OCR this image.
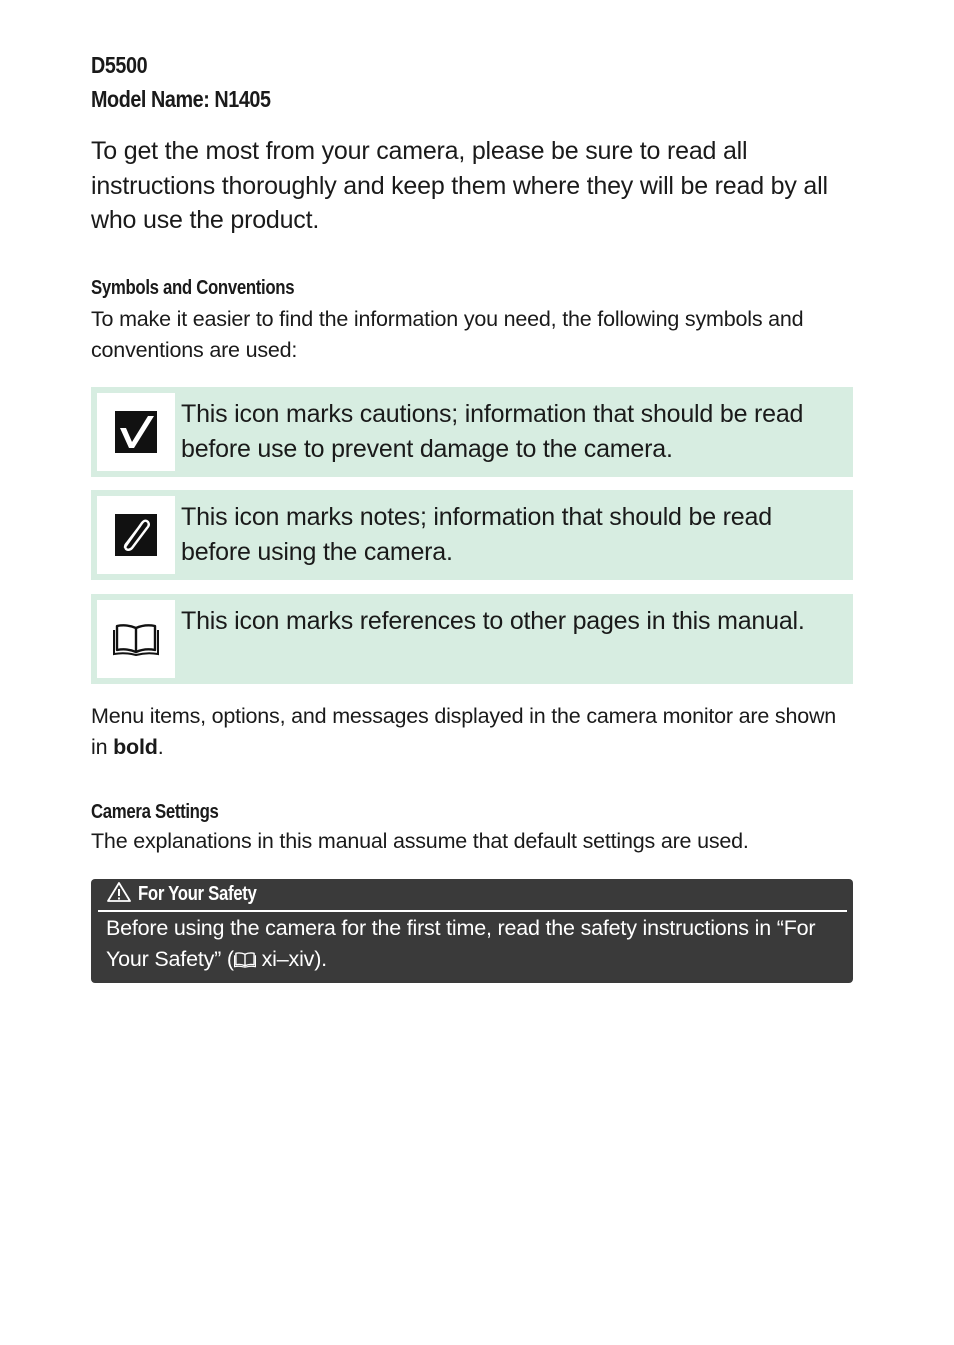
D5500
Model Name: N1405
To get the most from your camera, please be sure to read all instructions thoroughly and keep them where they will be read by all who use the product.
Symbols and Conventions
To make it easier to find the information you need, the following symbols and conventions are used:
This icon marks cautions; information that should be read before use to prevent damage to the camera.
This icon marks notes; information that should be read before using the camera.
This icon marks references to other pages in this manual.
Menu items, options, and messages displayed in the camera monitor are shown in bold.
Camera Settings
The explanations in this manual assume that default settings are used.
For Your Safety
Before using the camera for the first time, read the safety instructions in “For Your Safety” ( xi–xiv).
